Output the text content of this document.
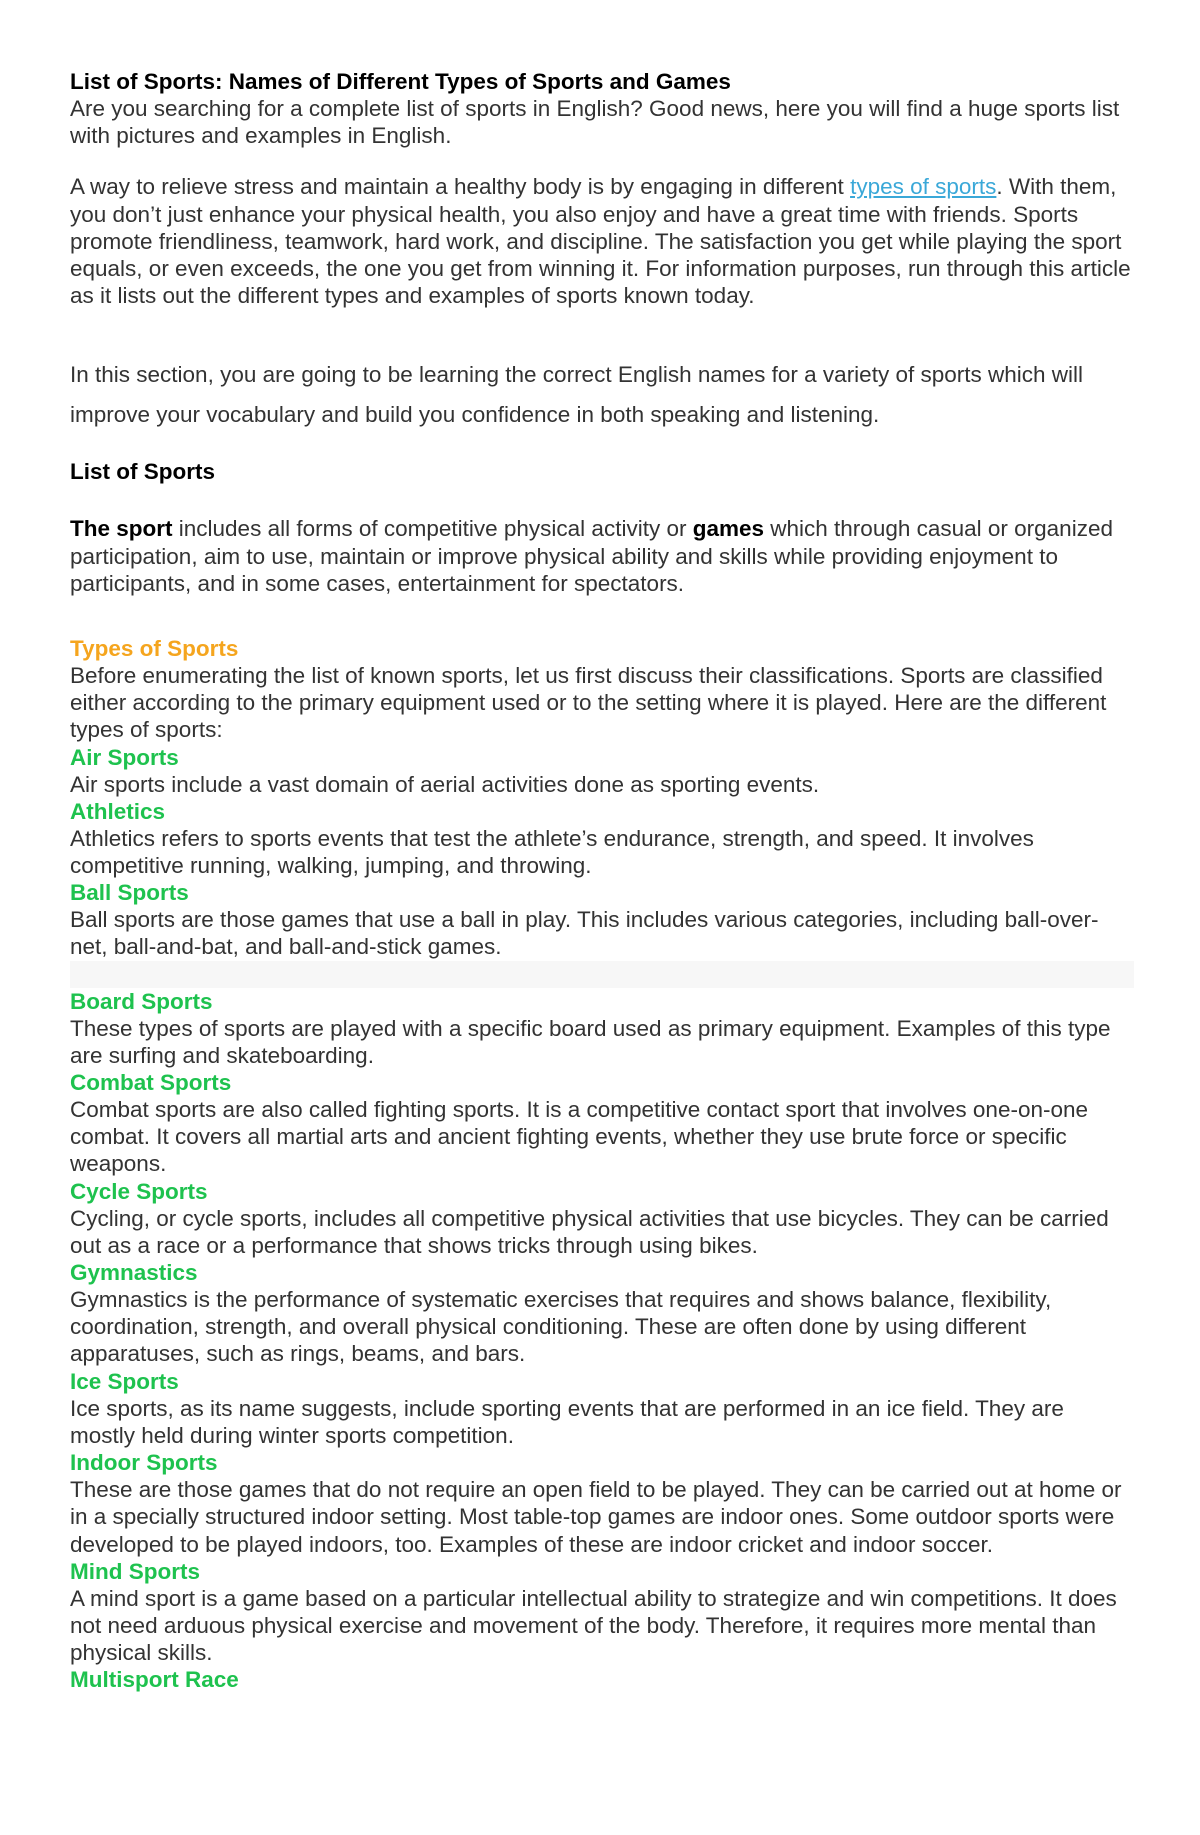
List of Sports: Names of Different Types of Sports and Games

Are you searching for a complete list of sports in English? Good news, here you will find a huge sports list with pictures and examples in English.

A way to relieve stress and maintain a healthy body is by engaging in different types of sports. With them, you don’t just enhance your physical health, you also enjoy and have a great time with friends. Sports promote friendliness, teamwork, hard work, and discipline. The satisfaction you get while playing the sport equals, or even exceeds, the one you get from winning it. For information purposes, run through this article as it lists out the different types and examples of sports known today.

In this section, you are going to be learning the correct English names for a variety of sports which will improve your vocabulary and build you confidence in both speaking and listening.

List of Sports

The sport includes all forms of competitive physical activity or games which through casual or organized participation, aim to use, maintain or improve physical ability and skills while providing enjoyment to participants, and in some cases, entertainment for spectators.

Types of Sports

Before enumerating the list of known sports, let us first discuss their classifications. Sports are classified either according to the primary equipment used or to the setting where it is played. Here are the different types of sports:

Air Sports

Air sports include a vast domain of aerial activities done as sporting events.

Athletics

Athletics refers to sports events that test the athlete’s endurance, strength, and speed. It involves competitive running, walking, jumping, and throwing.

Ball Sports

Ball sports are those games that use a ball in play. This includes various categories, including ball-over-net, ball-and-bat, and ball-and-stick games.

Board Sports

These types of sports are played with a specific board used as primary equipment. Examples of this type are surfing and skateboarding.

Combat Sports

Combat sports are also called fighting sports. It is a competitive contact sport that involves one-on-one combat. It covers all martial arts and ancient fighting events, whether they use brute force or specific weapons.

Cycle Sports

Cycling, or cycle sports, includes all competitive physical activities that use bicycles. They can be carried out as a race or a performance that shows tricks through using bikes.

Gymnastics

Gymnastics is the performance of systematic exercises that requires and shows balance, flexibility, coordination, strength, and overall physical conditioning. These are often done by using different apparatuses, such as rings, beams, and bars.

Ice Sports

Ice sports, as its name suggests, include sporting events that are performed in an ice field. They are mostly held during winter sports competition.

Indoor Sports

These are those games that do not require an open field to be played. They can be carried out at home or in a specially structured indoor setting. Most table-top games are indoor ones. Some outdoor sports were developed to be played indoors, too. Examples of these are indoor cricket and indoor soccer.

Mind Sports

A mind sport is a game based on a particular intellectual ability to strategize and win competitions. It does not need arduous physical exercise and movement of the body. Therefore, it requires more mental than physical skills.

Multisport Race
